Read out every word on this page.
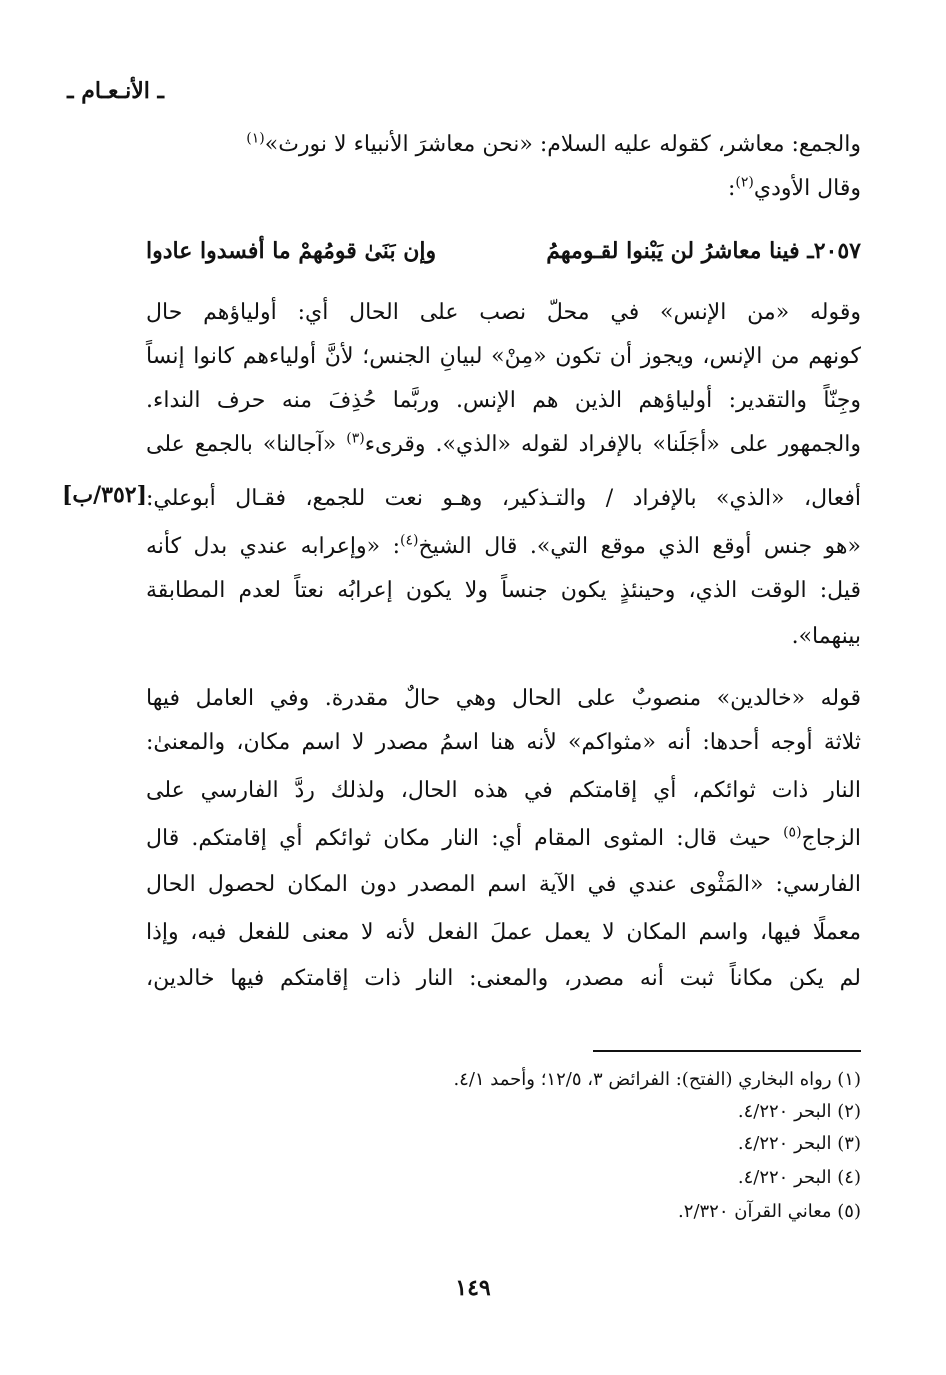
ـ الأنـعـام ـ
والجمع: معاشر، كقوله عليه السلام: «نحن معاشرَ الأنبياء لا نورث»$^{(١)}$
وقال الأودي$^{(٢)}$:
٢٠٥٧ـ فينا معاشرُ لن يَبْنوا لقـومهمُ
وإن بَنَىٰ قومُهمْ ما أفسدوا عادوا
وقوله «من الإنس» في محلّ نصب على الحال أي: أولياؤهم حال
كونهم من الإنس، ويجوز أن تكون «مِنْ» لبيانِ الجنس؛ لأنَّ أولياءهم كانوا إنساً
وجِنّاً والتقدير: أولياؤهم الذين هم الإنس. وربَّما حُذِفَ منه حرف النداء.
والجمهور على «أجَلَنا» بالإفراد لقوله «الذي». وقرىء$^{(٣)}$ «آجالنا» بالجمع على
أفعال، «الذي» بالإفراد / والتـذكير، وهـو نعت للجمع، فقـال أبوعلي:
[٣٥٢/ب]
«هو جنس أوقع الذي موقع التي». قال الشيخ$^{(٤)}$: «وإعرابه عندي بدل كأنه
قيل: الوقت الذي، وحينئذٍ يكون جنساً ولا يكون إعرابُه نعتاً لعدم المطابقة
بينهما».
قوله «خالدين» منصوبٌ على الحال وهي حالٌ مقدرة. وفي العامل فيها
ثلاثة أوجه أحدها: أنه «مثواكم» لأنه هنا اسمُ مصدر لا اسم مكان، والمعنىٰ:
النار ذات ثوائكم، أي إقامتكم في هذه الحال، ولذلك ردَّ الفارسي على
الزجاج$^{(٥)}$ حيث قال: المثوى المقام أي: النار مكان ثوائكم أي إقامتكم. قال
الفارسي: «المَثْوى عندي في الآية اسم المصدر دون المكان لحصول الحال
معملًا فيها، واسم المكان لا يعمل عملَ الفعل لأنه لا معنى للفعل فيه، وإذا
لم يكن مكاناً ثبت أنه مصدر، والمعنى: النار ذات إقامتكم فيها خالدين،
(١) رواه البخاري (الفتح): الفرائض ٣، ١٢/٥؛ وأحمد ٤/١.
(٢) البحر ٤/٢٢٠.
(٣) البحر ٤/٢٢٠.
(٤) البحر ٤/٢٢٠.
(٥) معاني القرآن ٢/٣٢٠.
١٤٩
